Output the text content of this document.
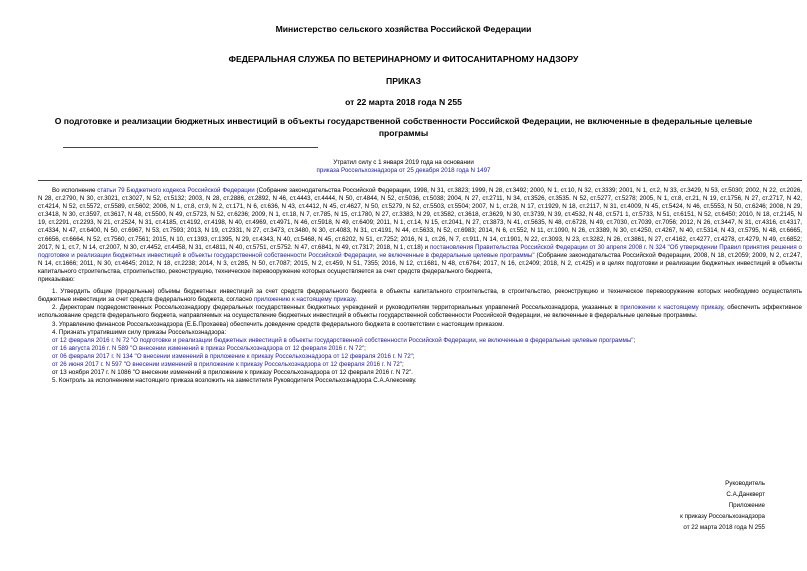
Министерство сельского хозяйства Российской Федерации
ФЕДЕРАЛЬНАЯ СЛУЖБА ПО ВЕТЕРИНАРНОМУ И ФИТОСАНИТАРНОМУ НАДЗОРУ
ПРИКАЗ
от 22 марта 2018 года N 255
О подготовке и реализации бюджетных инвестиций в объекты государственной собственности Российской Федерации, не включенные в федеральные целевые программы
Утратил силу с 1 января 2019 года на основании
приказа Россельхознадзора от 25 декабря 2018 года N 1497

Во исполнение статьи 79 Бюджетного кодекса Российской Федерации (Собрание законодательства Российской Федерации, 1998, N 31, ст.3823; 1999, N 28, ст.3492; 2000, N 1, ст.10, N 32, ст.3339; 2001, N 1, ст.2, N 33, ст.3429, N 53, ст.5030; 2002, N 22, ст.2026, N 28, ст.2790, N 30, ст.3021, ст.3027, N 52, ст.5132; 2003, N 28, ст.2886, ст.2892, N 46, ст.4443, ст.4444, N 50, ст.4844, N 52, ст.5036, ст.5038; 2004, N 27, ст.2711, N 34, ст.3526, ст.3535. N 52, ст.5277, ст.5278; 2005, N 1, ст.8, ст.21, N 19, ст.1756, N 27, ст.2717, N 42, ст.4214, N 52, ст.5572, ст.5589, ст.5602; 2006, N 1, ст.8, ст.9, N 2, ст.171, N 6, ст.636, N 43, ст.4412, N 45, ст.4627, N 50, ст.5279, N 52, ст.5503, ст.5504; 2007, N 1, ст.28, N 17, ст.1929, N 18, ст.2117, N 31, ст.4009, N 45, ст.5424, N 46, ст.5553, N 50, ст.6246; 2008, N 29, ст.3418, N 30, ст.3597, ст.3617, N 48, ст.5500, N 49, ст.5723, N 52, ст.6236; 2009, N 1, ст.18, N 7, ст.785, N 15, ст.1780, N 27, ст.3383, N 29, ст.3582, ст.3618, ст.3629, N 30, ст.3739, N 39, ст.4532, N 48, ст.571 1, ст.5733, N 51, ст.6151, N 52, ст.6450; 2010, N 18, ст.2145, N 19, ст.2291, ст.2293, N 21, ст.2524, N 31, ст.4185, ст.4192, ст.4198, N 40, ст.4969, ст.4971, N 46, ст.5918, N 49, ст.6409; 2011, N 1, ст.14, N 15, ст.2041, N 27, ст.3873, N 41, ст.5635, N 48, ст.6728, N 49, ст.7030, ст.7039, ст.7056; 2012, N 26, ст.3447, N 31, ст.4316, ст.4317, ст.4334, N 47, ст.6400, N 50, ст.6967, N 53, ст.7593; 2013, N 19, ст.2331, N 27, ст.3473, ст.3480, N 30, ст.4083, N 31, ст.4191, N 44, ст.5633, N 52, ст.6983; 2014, N 6, ст.552, N 11, ст.1090, N 26, ст.3389, N 30, ст.4250, ст.4267, N 40, ст.5314, N 43, ст.5795, N 48, ст.6665, ст.6656, ст.6664, N 52, ст.7560, ст.7561; 2015, N 10, ст.1393, ст.1395, N 29, ст.4343, N 40, ст.5468, N 45, ст.6202, N 51, ст.7252; 2016, N 1, ст.26, N 7, ст.911, N 14, ст.1901, N 22, ст.3093, N 23, ст.3282, N 26, ст.3861, N 27, ст.4162, ст.4277, ст.4278, ст.4279, N 49, ст.6852; 2017, N 1, ст.7, N 14, ст.2007, N 30, ст.4452, ст.4458, N 31, ст.4811, N 40, ст.5751, ст.5752. N 47, ст.6841, N 49, ст.7317; 2018, N 1, ст.18) и постановления Правительства Российской Федерации от 30 апреля 2008 г. N 324 "Об утверждении Правил принятия решения о подготовке и реализации бюджетных инвестиций в объекты государственной собственности Российской Федерации, не включенные в федеральные целевые программы" (Собрание законодательства Российской Федерации, 2008, N 18, ст.2059; 2009, N 2, ст.247, N 14, ст.1666; 2011, N 30, ст.4645; 2012, N 18, ст.2238; 2014, N 3, ст.285, N 50, ст.7087; 2015, N 2, ст.459, N 51, 7355; 2016, N 12, ст.1681, N 48, ст.6764; 2017, N 16, ст.2409; 2018, N 2, ст.425) и в целях подготовки и реализации бюджетных инвестиций в объекты капитального строительства, строительство, реконструкцию, техническое перевооружение которых осуществляется за счет средств федерального бюджета,

приказываю:

1. Утвердить общие (предельные) объемы бюджетных инвестиций за счет средств федерального бюджета в объекты капитального строительства, в строительство, реконструкцию и техническое перевооружение которых необходимо осуществлять бюджетные инвестиции за счет средств федерального бюджета, согласно приложению к настоящему приказу.

2. Директорам подведомственных Россельхознадзору федеральных государственных бюджетных учреждений и руководителям территориальных управлений Россельхознадзора, указанных в приложении к настоящему приказу, обеспечить эффективное использование средств федерального бюджета, направляемых на осуществление бюджетных инвестиций в объекты государственной собственности Российской Федерации, не включенные в федеральные целевые программы.

3. Управлению финансов Россельхознадзора (Е.Б.Прохаева) обеспечить доведение средств федерального бюджета в соответствии с настоящим приказом.

4. Признать утратившими силу приказы Россельхознадзора:

от 12 февраля 2016 г. N 72 "О подготовке и реализации бюджетных инвестиций в объекты государственной собственности Российской Федерации, не включенные в федеральные целевые программы";

от 16 августа 2016 г. N 589 "О внесении изменений в приказ Россельхознадзора от 12 февраля 2016 г. N 72";

от 06 февраля 2017 г. N 134 "О внесении изменений в приложение к приказу Россельхознадзора от 12 февраля 2016 г. N 72";

от 26 июня 2017 г. N 597 "О внесении изменений в приложение к приказу Россельхознадзора от 12 февраля 2016 г. N 72";

от 13 ноября 2017 г. N 1086 "О внесении изменений в приложение к приказу Россельхознадзора от 12 февраля 2016 г. N 72".

5. Контроль за исполнением настоящего приказа возложить на заместителя Руководителя Россельхознадзора С.А.Алексееву.

Руководитель
С.А.Данкверт
Приложение
к приказу Россельхознадзора
от 22 марта 2018 года N 255
